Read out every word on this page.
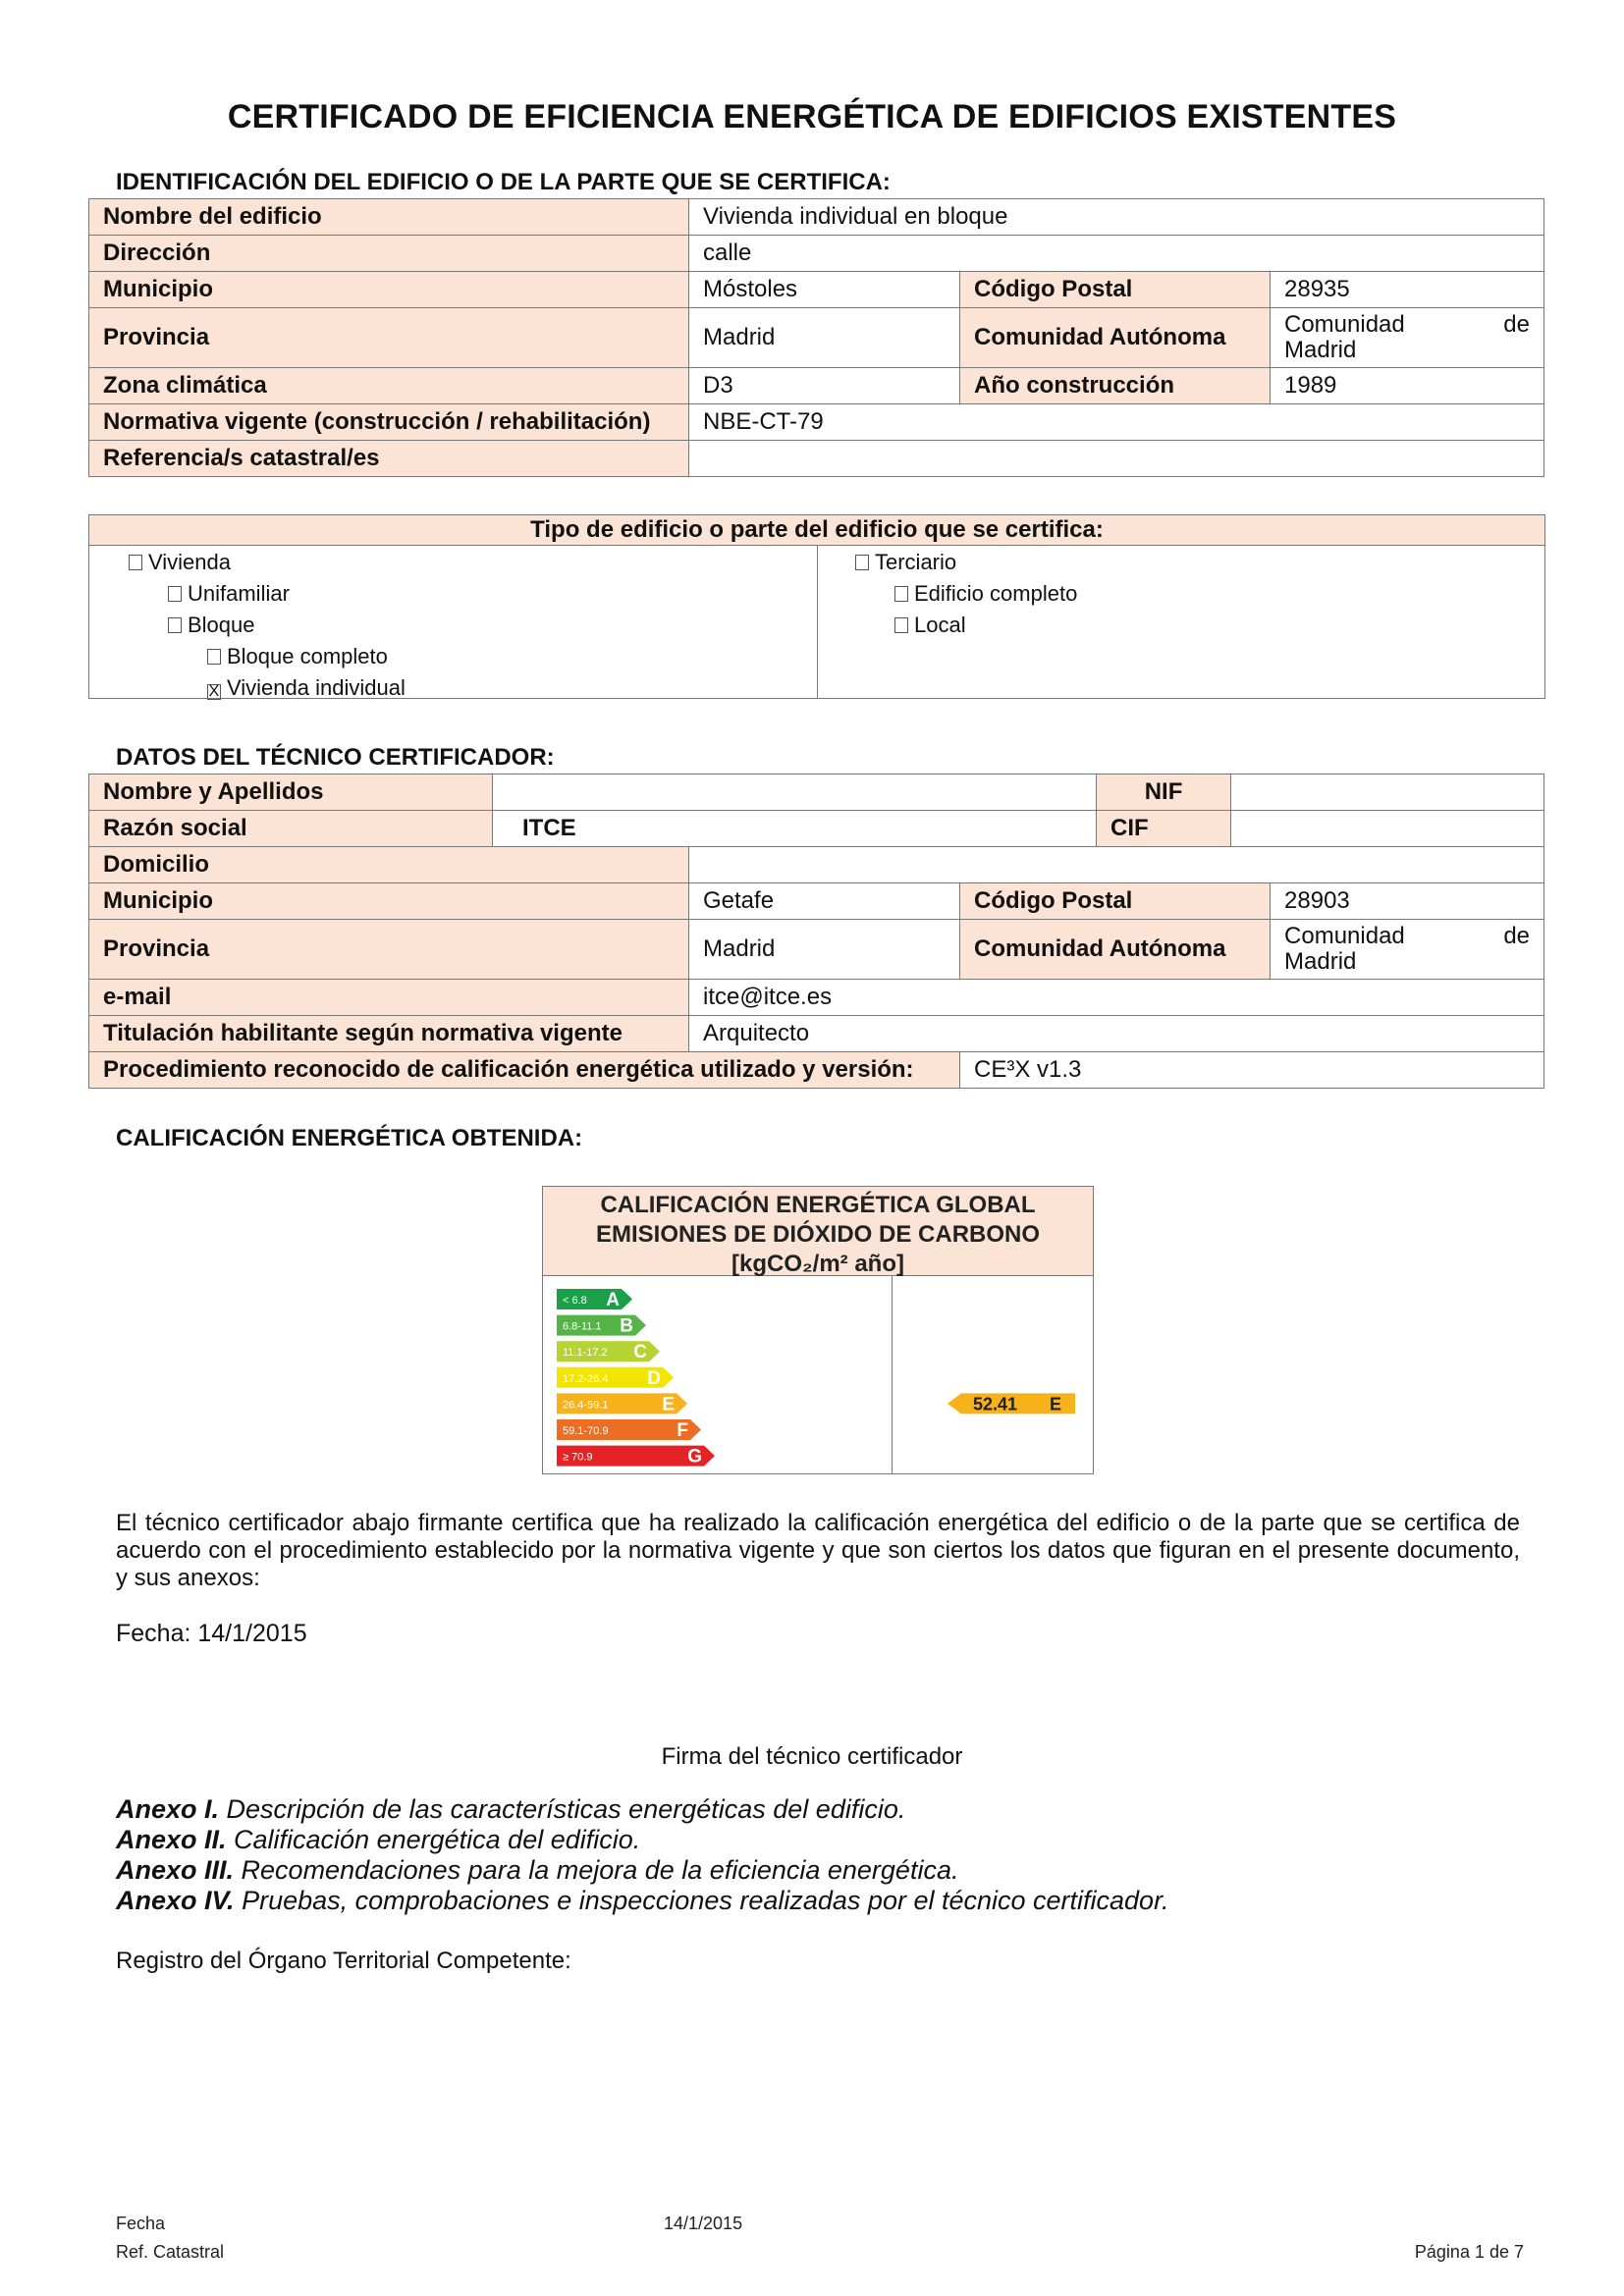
CERTIFICADO DE EFICIENCIA ENERGÉTICA DE EDIFICIOS EXISTENTES
IDENTIFICACIÓN DEL EDIFICIO O DE LA PARTE QUE SE CERTIFICA:
Nombre del edificio	Vivienda individual en bloque		
Dirección	calle		
Municipio	Móstoles	Código Postal	28935
Provincia	Madrid	Comunidad Autónoma	Comunidad de
Madrid

Zona climática	D3	Año construcción	1989
Normativa vigente (construcción / rehabilitación)	NBE-CT-79		
Referencia/s catastral/es			
Tipo de edificio o parte del edificio que se certifica:
Vivienda
Unifamiliar
Bloque
Bloque completo
X Vivienda individual
Terciario
Edificio completo
Local
DATOS DEL TÉCNICO CERTIFICADOR:
Nombre y Apellidos				NIF		
Razón social	ITCE			CIF		
Domicilio						
Municipio		Getafe	Código Postal			28903
Provincia		Madrid	Comunidad Autónoma			Comunidad de
Madrid

e-mail		itce@itce.es				
Titulación habilitante según normativa vigente		Arquitecto				
Procedimiento reconocido de calificación energética utilizado y versión:			CE³X v1.3			
CALIFICACIÓN ENERGÉTICA OBTENIDA:
CALIFICACIÓN ENERGÉTICA GLOBAL
EMISIONES DE DIÓXIDO DE CARBONO
[kgCO₂/m² año]
< 6.8 A
6.8-11.1 B
11.1-17.2 C
17.2-26.4 D
26.4-59.1	E
59.1-70.9	F
≥ 70.9	G
52.41 E
El técnico certificador abajo firmante certifica que ha realizado la calificación energética del edificio o de la parte que se certifica de acuerdo con el procedimiento establecido por la normativa vigente y que son ciertos los datos que figuran en el presente documento, y sus anexos:
Fecha: 14/1/2015
Firma del técnico certificador
Anexo I. Descripción de las características energéticas del edificio.
Anexo II. Calificación energética del edificio.
Anexo III. Recomendaciones para la mejora de la eficiencia energética.
Anexo IV. Pruebas, comprobaciones e inspecciones realizadas por el técnico certificador.
Registro del Órgano Territorial Competente:
Fecha	14/1/2015
Ref. Catastral	Página 1 de 7
